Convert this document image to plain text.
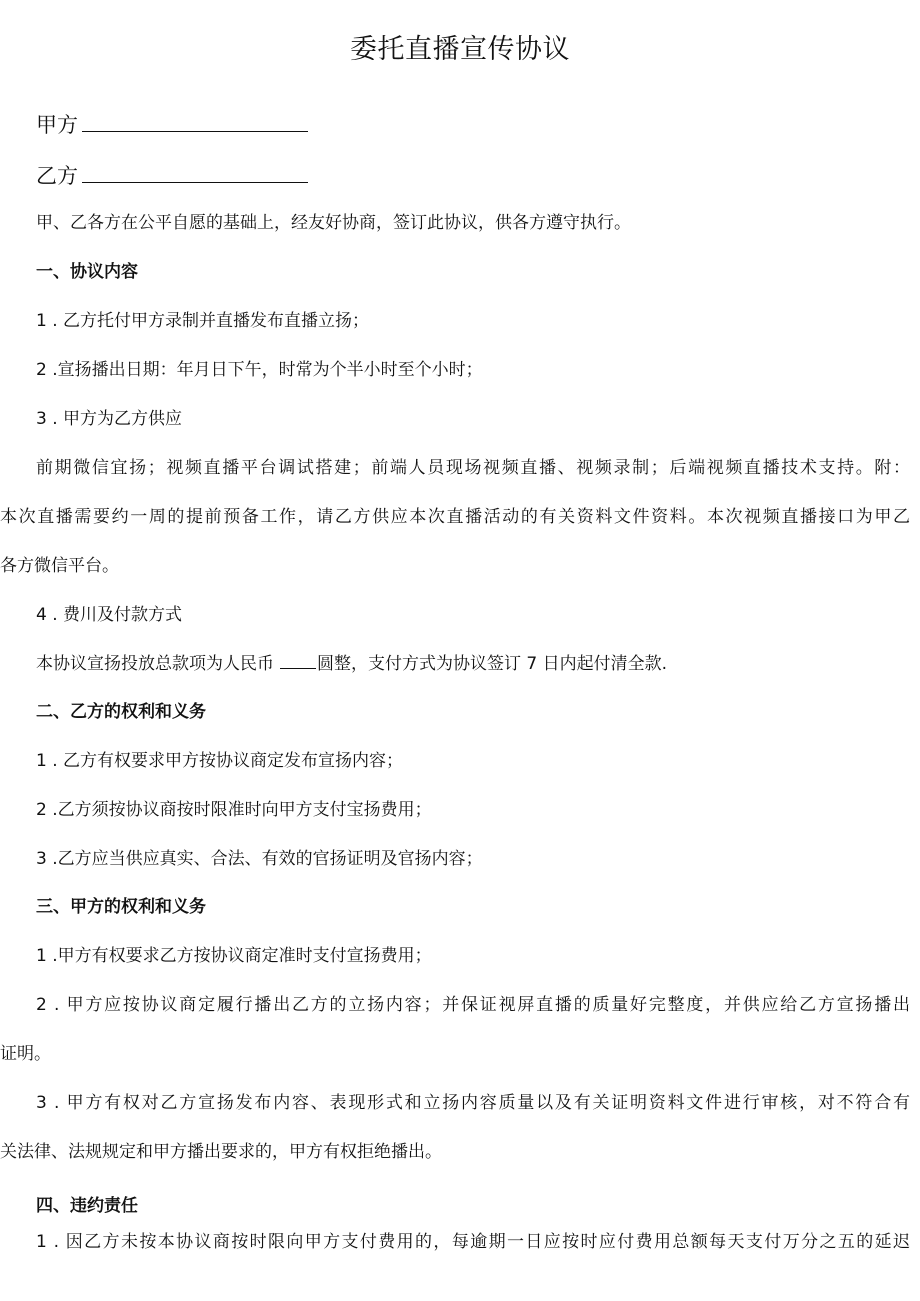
委托直播宣传协议
甲方
乙方
甲、乙各方在公平自愿的基础上，经友好协商，签订此协议，供各方遵守执行。
一、协议内容
1 . 乙方托付甲方录制并直播发布直播立扬；
2 .宣扬播出日期：年月日下午，时常为个半小时至个小时；
3 . 甲方为乙方供应
前期微信宜扬；视频直播平台调试搭建；前端人员现场视频直播、视频录制；后端视频直播技术支持。附：
本次直播需要约一周的提前预备工作，请乙方供应本次直播活动的有关资料文件资料。本次视频直播接口为甲乙
各方微信平台。
4 . 费川及付款方式
本协议宣扬投放总款项为人民币	圆整，支付方式为协议签订 7 日内起付清全款.
二、乙方的权利和义务
1 . 乙方有权要求甲方按协议商定发布宣扬内容；
2 .乙方须按协议商按时限准时向甲方支付宝扬费用；
3 .乙方应当供应真实、合法、有效的官扬证明及官扬内容；
三、甲方的权利和义务
1 .甲方有权要求乙方按协议商定准时支付宣扬费用；
2 . 甲方应按协议商定履行播出乙方的立扬内容；并保证视屏直播的质量好完整度，并供应给乙方宣扬播出
证明。
3 . 甲方有权对乙方宣扬发布内容、表现形式和立扬内容质量以及有关证明资料文件进行审核，对不符合有
关法律、法规规定和甲方播出要求的，甲方有权拒绝播出。
四、违约责任
1 . 因乙方未按本协议商按时限向甲方支付费用的，每逾期一日应按时应付费用总额每天支付万分之五的延迟
